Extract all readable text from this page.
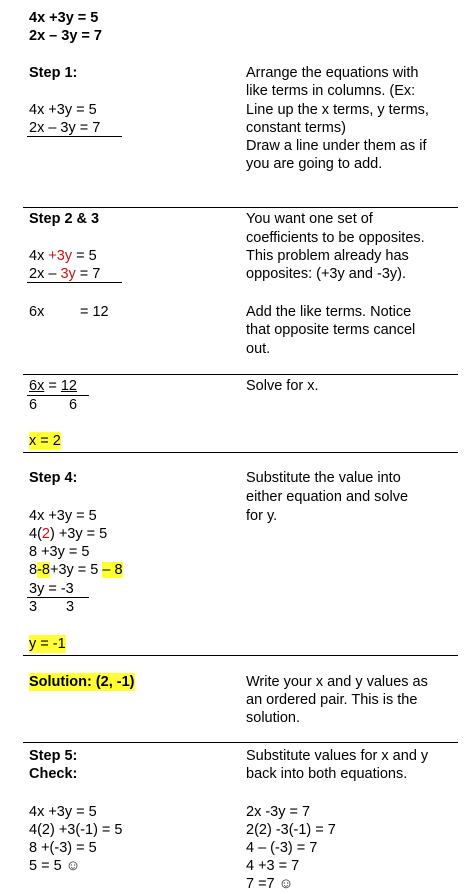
4x +3y = 5
2x – 3y = 7
Step 1:
4x +3y = 5
2x – 3y = 7
Arrange the equations with
like terms in columns. (Ex:
Line up the x terms, y terms,
constant terms)
Draw a line under them as if
you are going to add.
Step 2 & 3
4x +3y = 5
2x – 3y = 7
6x = 12
You want one set of
coefficients to be opposites.
This problem already has
opposites: (+3y and -3y).
Add the like terms. Notice
that opposite terms cancel
out.
6x = 12
6 6
x = 2
Solve for x.
Step 4:
4x +3y = 5
4(2) +3y = 5
8 +3y = 5
8-8+3y = 5 – 8
3y = -3
3 3
y = -1
Substitute the value into
either equation and solve
for y.
Solution: (2, -1)	Write your x and y values as
an ordered pair. This is the
solution.
Step 5:
Check:
Substitute values for x and y
back into both equations.
4x +3y = 5
4(2) +3(-1) = 5
8 +(-3) = 5
5 = 5 ☺
2x -3y = 7
2(2) -3(-1) = 7
4 – (-3) = 7
4 +3 = 7
7 =7 ☺
